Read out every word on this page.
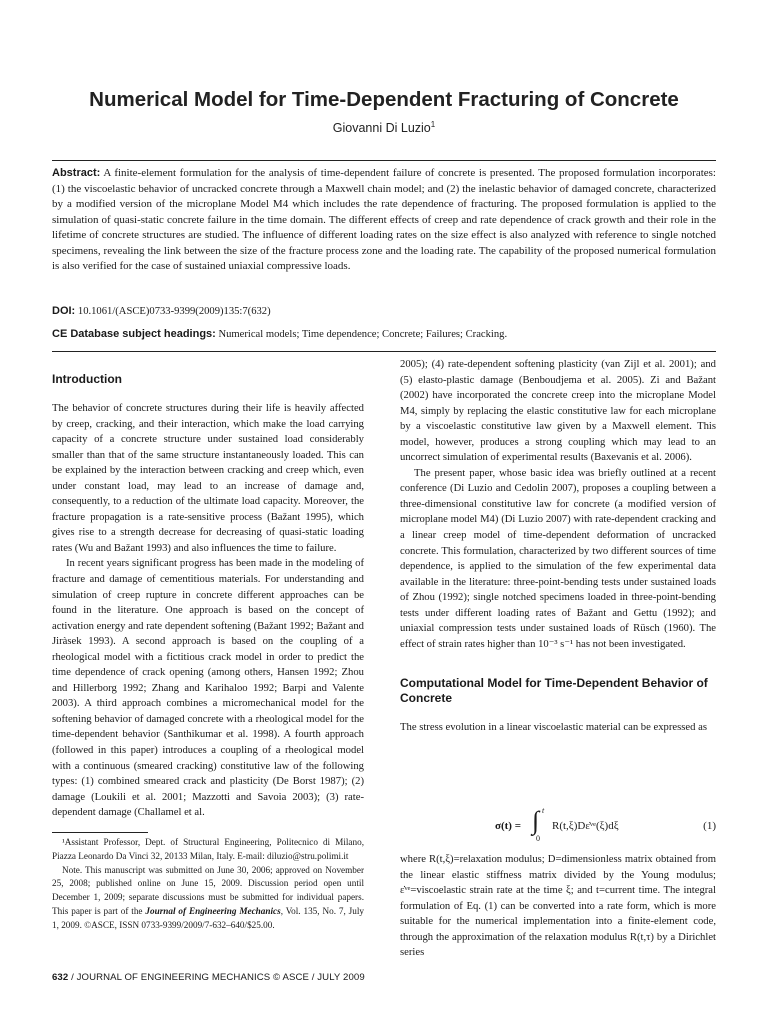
Numerical Model for Time-Dependent Fracturing of Concrete
Giovanni Di Luzio$^1$
Abstract: A finite-element formulation for the analysis of time-dependent failure of concrete is presented. The proposed formulation incorporates: (1) the viscoelastic behavior of uncracked concrete through a Maxwell chain model; and (2) the inelastic behavior of damaged concrete, characterized by a modified version of the microplane Model M4 which includes the rate dependence of fracturing. The proposed formulation is applied to the simulation of quasi-static concrete failure in the time domain. The different effects of creep and rate dependence of crack growth and their role in the lifetime of concrete structures are studied. The influence of different loading rates on the size effect is also analyzed with reference to single notched specimens, revealing the link between the size of the fracture process zone and the loading rate. The capability of the proposed numerical formulation is also verified for the case of sustained uniaxial compressive loads.
DOI: 10.1061/(ASCE)0733-9399(2009)135:7(632)
CE Database subject headings: Numerical models; Time dependence; Concrete; Failures; Cracking.
Introduction

The behavior of concrete structures during their life is heavily affected by creep, cracking, and their interaction, which make the load carrying capacity of a concrete structure under sustained load considerably smaller than that of the same structure instantaneously loaded. This can be explained by the interaction between cracking and creep which, even under constant load, may lead to an increase of damage and, consequently, to a reduction of the ultimate load capacity. Moreover, the fracture propagation is a rate-sensitive process (Bažant 1995), which gives rise to a strength decrease for decreasing of quasi-static loading rates (Wu and Bažant 1993) and also influences the time to failure.

In recent years significant progress has been made in the modeling of fracture and damage of cementitious materials. For understanding and simulation of creep rupture in concrete different approaches can be found in the literature. One approach is based on the concept of activation energy and rate dependent softening (Bažant 1992; Bažant and Jiràsek 1993). A second approach is based on the coupling of a rheological model with a fictitious crack model in order to predict the time dependence of crack opening (among others, Hansen 1992; Zhou and Hillerborg 1992; Zhang and Karihaloo 1992; Barpi and Valente 2003). A third approach combines a micromechanical model for the softening behavior of damaged concrete with a rheological model for the time-dependent behavior (Santhikumar et al. 1998). A fourth approach (followed in this paper) introduces a coupling of a rheological model with a continuous (smeared cracking) constitutive law of the following types: (1) combined smeared crack and plasticity (De Borst 1987); (2) damage (Loukili et al. 2001; Mazzotti and Savoia 2003); (3) rate-dependent damage (Challamel et al.

¹Assistant Professor, Dept. of Structural Engineering, Politecnico di Milano, Piazza Leonardo Da Vinci 32, 20133 Milan, Italy. E-mail: diluzio@stru.polimi.it

Note. This manuscript was submitted on June 30, 2006; approved on November 25, 2008; published online on June 15, 2009. Discussion period open until December 1, 2009; separate discussions must be submitted for individual papers. This paper is part of the Journal of Engineering Mechanics, Vol. 135, No. 7, July 1, 2009. ©ASCE, ISSN 0733-9399/2009/7-632–640/$25.00.

2005); (4) rate-dependent softening plasticity (van Zijl et al. 2001); and (5) elasto-plastic damage (Benboudjema et al. 2005). Zi and Bažant (2002) have incorporated the concrete creep into the microplane Model M4, simply by replacing the elastic constitutive law for each microplane by a viscoelastic constitutive law given by a Maxwell element. This model, however, produces a strong coupling which may lead to an uncorrect simulation of experimental results (Baxevanis et al. 2006).

The present paper, whose basic idea was briefly outlined at a recent conference (Di Luzio and Cedolin 2007), proposes a coupling between a three-dimensional constitutive law for concrete (a modified version of microplane model M4) (Di Luzio 2007) with rate-dependent cracking and a linear creep model of time-dependent deformation of uncracked concrete. This formulation, characterized by two different sources of time dependence, is applied to the simulation of the few experimental data available in the literature: three-point-bending tests under sustained loads of Zhou (1992); single notched specimens loaded in three-point-bending tests under different loading rates of Bažant and Gettu (1992); and uniaxial compression tests under sustained loads of Rüsch (1960). The effect of strain rates higher than 10⁻³ s⁻¹ has not been investigated.

Computational Model for Time-Dependent Behavior of Concrete

The stress evolution in a linear viscoelastic material can be expressed as

σ(t) = ∫ t
0
R(t,ξ)Dε̇ᵛᵉ(ξ)dξ	(1)

where R(t,ξ)=relaxation modulus; D=dimensionless matrix obtained from the linear elastic stiffness matrix divided by the Young modulus; ε̇ᵛᵉ=viscoelastic strain rate at the time ξ; and t=current time. The integral formulation of Eq. (1) can be converted into a rate form, which is more suitable for the numerical implementation into a finite-element code, through the approximation of the relaxation modulus R(t,τ) by a Dirichlet series

632 / JOURNAL OF ENGINEERING MECHANICS © ASCE / JULY 2009
